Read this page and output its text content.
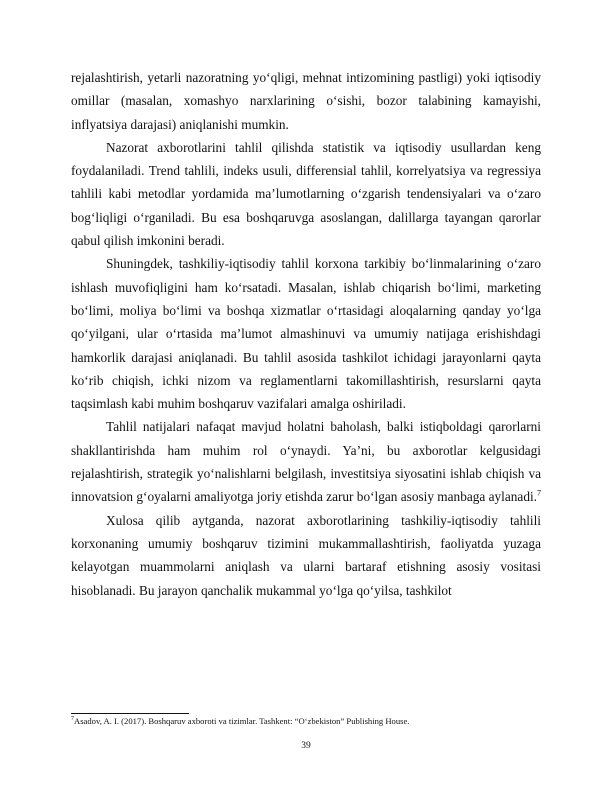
rejalashtirish, yetarli nazoratning yo‘qligi, mehnat intizomining pastligi) yoki iqtisodiy omillar (masalan, xomashyo narxlarining o‘sishi, bozor talabining kamayishi, inflyatsiya darajasi) aniqlanishi mumkin.

Nazorat axborotlarini tahlil qilishda statistik va iqtisodiy usullardan keng foydalaniladi. Trend tahlili, indeks usuli, differensial tahlil, korrelyatsiya va regressiya tahlili kabi metodlar yordamida ma’lumotlarning o‘zgarish tendensiyalari va o‘zaro bog‘liqligi o‘rganiladi. Bu esa boshqaruvga asoslangan, dalillarga tayangan qarorlar qabul qilish imkonini beradi.

Shuningdek, tashkiliy-iqtisodiy tahlil korxona tarkibiy bo‘linmalarining o‘zaro ishlash muvofiqligini ham ko‘rsatadi. Masalan, ishlab chiqarish bo‘limi, marketing bo‘limi, moliya bo‘limi va boshqa xizmatlar o‘rtasidagi aloqalarning qanday yo‘lga qo‘yilgani, ular o‘rtasida ma’lumot almashinuvi va umumiy natijaga erishishdagi hamkorlik darajasi aniqlanadi. Bu tahlil asosida tashkilot ichidagi jarayonlarni qayta ko‘rib chiqish, ichki nizom va reglamentlarni takomillashtirish, resurslarni qayta taqsimlash kabi muhim boshqaruv vazifalari amalga oshiriladi.

Tahlil natijalari nafaqat mavjud holatni baholash, balki istiqboldagi qarorlarni shakllantirishda ham muhim rol o‘ynaydi. Ya’ni, bu axborotlar kelgusidagi rejalashtirish, strategik yo‘nalishlarni belgilash, investitsiya siyosatini ishlab chiqish va innovatsion g‘oyalarni amaliyotga joriy etishda zarur bo‘lgan asosiy manbaga aylanadi.$^7$

Xulosa qilib aytganda, nazorat axborotlarining tashkiliy-iqtisodiy tahlili korxonaning umumiy boshqaruv tizimini mukammallashtirish, faoliyatda yuzaga kelayotgan muammolarni aniqlash va ularni bartaraf etishning asosiy vositasi hisoblanadi. Bu jarayon qanchalik mukammal yo‘lga qo‘yilsa, tashkilot

$^7$Asadov, A. I. (2017). Boshqaruv axboroti va tizimlar. Tashkent: “O‘zbekiston” Publishing House.
39
